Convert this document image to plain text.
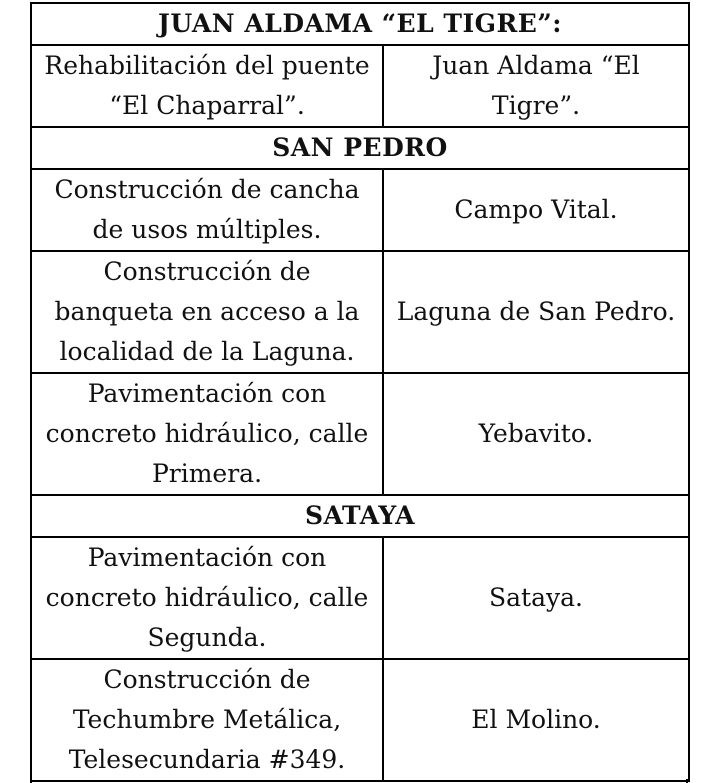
JUAN ALDAMA “EL TIGRE”:	
Rehabilitación del puente “El Chaparral”.	Juan Aldama “El Tigre”.
SAN PEDRO	
Construcción de cancha de usos múltiples.	Campo Vital.
Construcción de banqueta en acceso a la localidad de la Laguna.	Laguna de San Pedro.
Pavimentación con concreto hidráulico, calle Primera.	Yebavito.
SATAYA	
Pavimentación con concreto hidráulico, calle Segunda.	Sataya.
Construcción de Techumbre Metálica, Telesecundaria #349.	El Molino.
